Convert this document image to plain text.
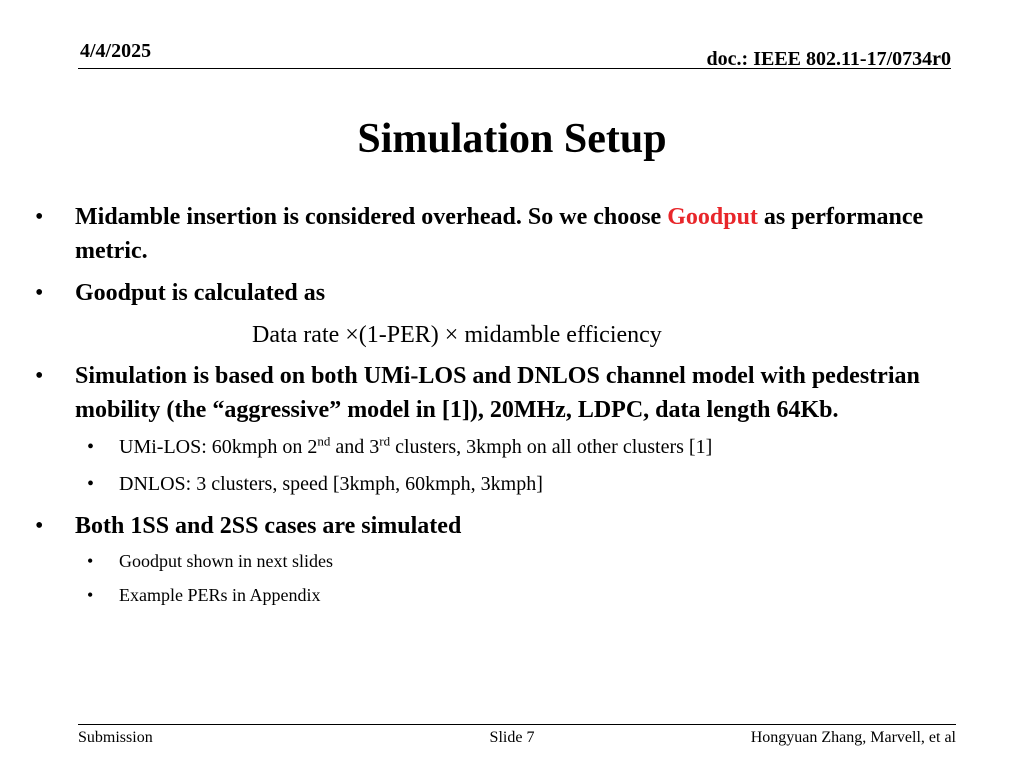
4/4/2025	doc.: IEEE 802.11-17/0734r0
Simulation Setup
• Midamble insertion is considered overhead. So we choose Goodput as performance metric.
• Goodput is calculated as
Data rate ×(1-PER) × midamble efficiency
• Simulation is based on both UMi-LOS and DNLOS channel model with pedestrian mobility (the “aggressive” model in [1]), 20MHz, LDPC, data length 64Kb.
• UMi-LOS: 60kmph on 2nd and 3rd clusters, 3kmph on all other clusters [1]
• DNLOS: 3 clusters, speed [3kmph, 60kmph, 3kmph]
• Both 1SS and 2SS cases are simulated
• Goodput shown in next slides
• Example PERs in Appendix
Submission	Slide 7	Hongyuan Zhang, Marvell, et al
